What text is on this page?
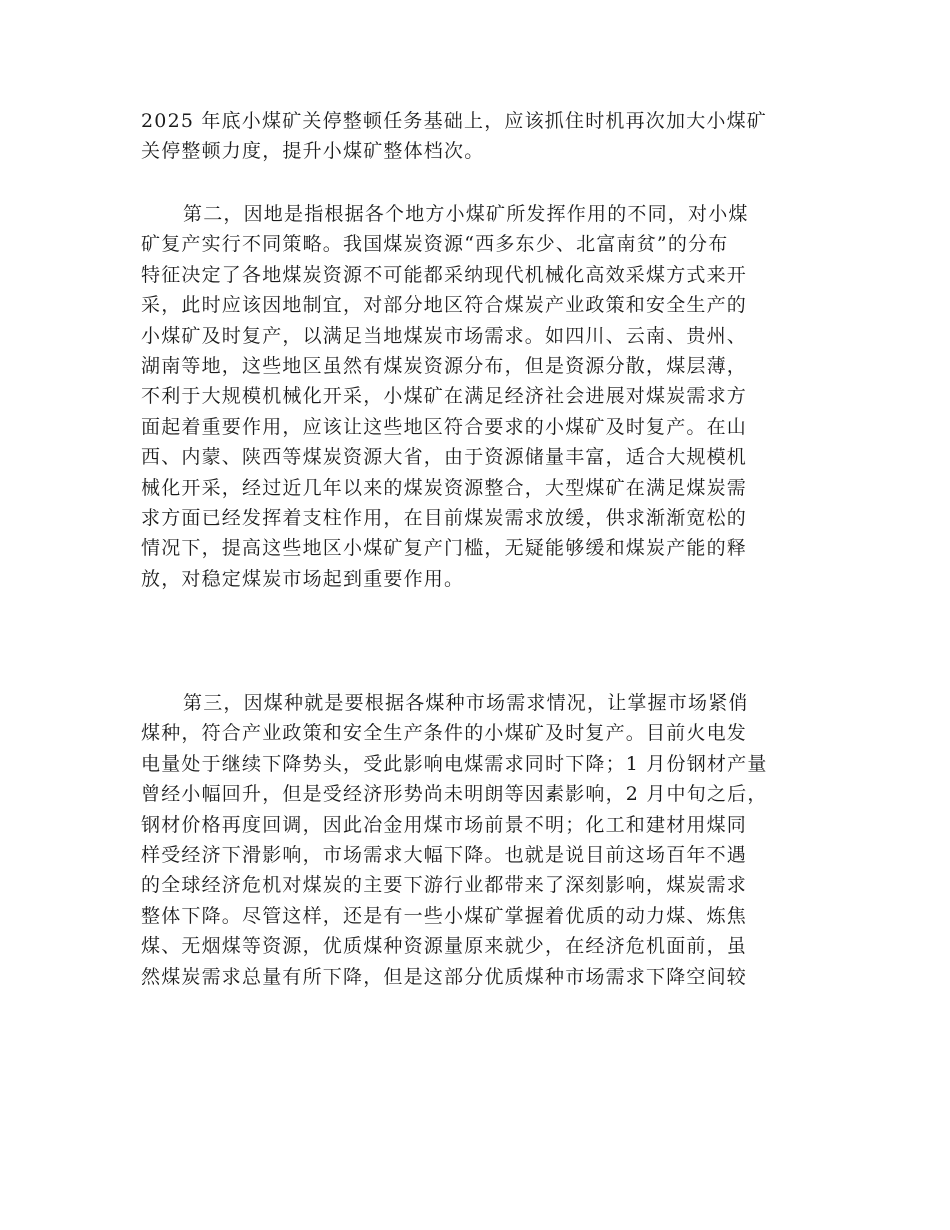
2025 年底小煤矿关停整顿任务基础上，应该抓住时机再次加大小煤矿
关停整顿力度，提升小煤矿整体档次。
第二，因地是指根据各个地方小煤矿所发挥作用的不同，对小煤
矿复产实行不同策略。我国煤炭资源“西多东少、北富南贫”的分布
特征决定了各地煤炭资源不可能都采纳现代机械化高效采煤方式来开
采，此时应该因地制宜，对部分地区符合煤炭产业政策和安全生产的
小煤矿及时复产，以满足当地煤炭市场需求。如四川、云南、贵州、
湖南等地，这些地区虽然有煤炭资源分布，但是资源分散，煤层薄，
不利于大规模机械化开采，小煤矿在满足经济社会进展对煤炭需求方
面起着重要作用，应该让这些地区符合要求的小煤矿及时复产。在山
西、内蒙、陕西等煤炭资源大省，由于资源储量丰富，适合大规模机
械化开采，经过近几年以来的煤炭资源整合，大型煤矿在满足煤炭需
求方面已经发挥着支柱作用，在目前煤炭需求放缓，供求渐渐宽松的
情况下，提高这些地区小煤矿复产门槛，无疑能够缓和煤炭产能的释
放，对稳定煤炭市场起到重要作用。
第三，因煤种就是要根据各煤种市场需求情况，让掌握市场紧俏
煤种，符合产业政策和安全生产条件的小煤矿及时复产。目前火电发
电量处于继续下降势头，受此影响电煤需求同时下降；1 月份钢材产量
曾经小幅回升，但是受经济形势尚未明朗等因素影响，2 月中旬之后，
钢材价格再度回调，因此冶金用煤市场前景不明；化工和建材用煤同
样受经济下滑影响，市场需求大幅下降。也就是说目前这场百年不遇
的全球经济危机对煤炭的主要下游行业都带来了深刻影响，煤炭需求
整体下降。尽管这样，还是有一些小煤矿掌握着优质的动力煤、炼焦
煤、无烟煤等资源，优质煤种资源量原来就少，在经济危机面前，虽
然煤炭需求总量有所下降，但是这部分优质煤种市场需求下降空间较
